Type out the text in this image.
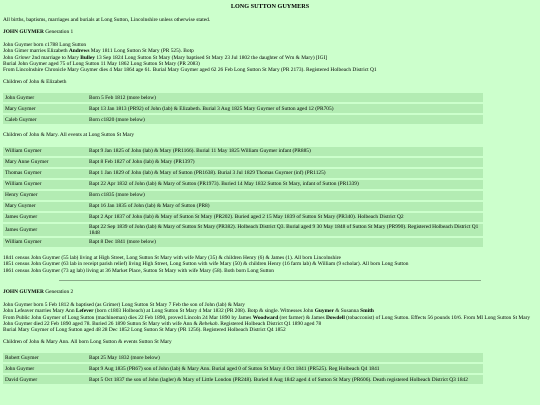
LONG SUTTON GUYMERS

All births, baptisms, marriages and burials at Long Sutton, Lincolnshire unless otherwise stated.

JOHN GUYMER Generation 1

John Guymer born c1788 Long Sutton

John Gimer marries Elizabeth Andrews May 1811 Long Sutton St Mary (PR 525). Botp

John Grimer 2nd marriage to Mary Bulley 13 Sep 1824 Long Sutton St Mary (Mary baptised St Mary 23 Jul 1802 the daughter of Wm & Mary) [IGI]

Burial John Guymer aged 75 of Long Sutton 11 May 1862 Long Sutton St Mary (PR 2083)

From Lincolnshire Chronicle Mary Guymer dies 4 Mar 1864 age 61. Burial Mary Guymer aged 62 26 Feb Long Sutton St Mary (PR 2173). Registered Holbeach District Q1

Children of John & Elizabeth

John Guymer	Born 5 Feb 1812 (more below)
Mary Guymer	Bapt 13 Jan 1813 (PR92) of John (lab) & Elizabeth. Burial 3 Aug 1825 Mary Guymer of Sutton aged 12 (PR705)
Caleb Guymer	Born c1820 (more below)

Children of John & Mary. All events at Long Sutton St Mary

William Guymer	Bapt 9 Jan 1825 of John (lab) & Mary (PR1166). Burial 11 May 1825 William Guymer infant (PR885)
Mary Anne Guymer	Bapt 8 Feb 1827 of John (lab) & Mary (PR1397)
Thomas Guymer	Bapt 1 Jan 1829 of John (lab) & Mary of Sutton (PR1638). Burial 3 Jul 1829 Thomas Guymer (inf) (PR1125)
William Guymer	Bapt 22 Apr 1832 of John (lab) & Mary of Sutton (PR1973). Buried 14 May 1832 Sutton St Mary, infant of Sutton (PR1339)
Henry Guymer	Born c1835 (more below)
Mary Guymer	Bapt 16 Jan 1835 of John (lab) & Mary of Sutton (PR8)
James Guymer	Bapt 2 Apr 1837 of John (lab) & Mary of Sutton St Mary (PR202). Buried aged 2 15 May 1839 of Sutton St Mary (PR340). Holbeach District Q2
James Guymer	Bapt 22 Sep 1839 of John (lab) & Mary of Sutton St Mary (PR382). Holbeach District Q3. Burial aged 9 30 May 1848 of Sutton St Mary (PR990). Registered Holbeach District Q1 1848
William Guymer	Bapt 8 Dec 1841 (more below)

1841 census John Guymer (55 lab) living at High Street, Long Sutton St Mary with wife Mary (35) & children Henry (6) & James (1). All born Lincolnshire

1851 census John Guymer (63 lab in receipt parish relief) living High Street, Long Sutton with wife Mary (50) & children Henry (16 farm lab) & William (9 scholar). All born Long Sutton

1861 census John Guymer (73 ag lab) living at 36 Market Place, Sutton St Mary with wife Mary (58). Both born Long Sutton

JOHN GUYMER Generation 2

John Guymer born 5 Feb 1812 & baptised (as Grimer) Long Sutton St Mary 7 Feb the son of John (lab) & Mary

John Lefeaver marries Mary Ann Lefever (born c1803 Holbeach) at Long Sutton St Mary 4 Mar 1832 (PR 208). Botp & single. Witnesses John Guymer & Susanna Smith

From Public John Guymer of Long Sutton (machineman) dies 22 Feb 1890, proved Lincoln 24 Mar 1890 by James Woodward (ret farmer) & James Dowdell (tobacconist) of Long Sutton. Effects 56 pounds 10/6. From MI Long Sutton St Mary John Guymer died 22 Feb 1890 aged 78. Buried 26 1890 Sutton St Mary with wife Ann & Rebekah. Registered Holbeach District Q1 1890 aged 78

Burial Mary Guymer of Long Sutton aged 48 28 Dec 1852 Long Sutton St Mary (PR 1256). Registered Holbeach District Q4 1852

Children of John & Mary Ann. All born Long Sutton & events Sutton St Mary

Robert Guymer	Bapt 25 May 1832 (more below)
John Guymer	Bapt 9 Aug 1835 (PR67) son of John (lab) & Mary Ann. Burial aged 0 of Sutton St Mary 4 Oct 1841 (PR525). Reg Holbeach Q4 1841
David Guymer	Bapt 5 Oct 1837 the son of John (lagler) & Mary of Little London (PR248). Buried 8 Aug 1842 aged 4 of Sutton St Mary (PR606). Death registered Holbeach District Q3 1842
